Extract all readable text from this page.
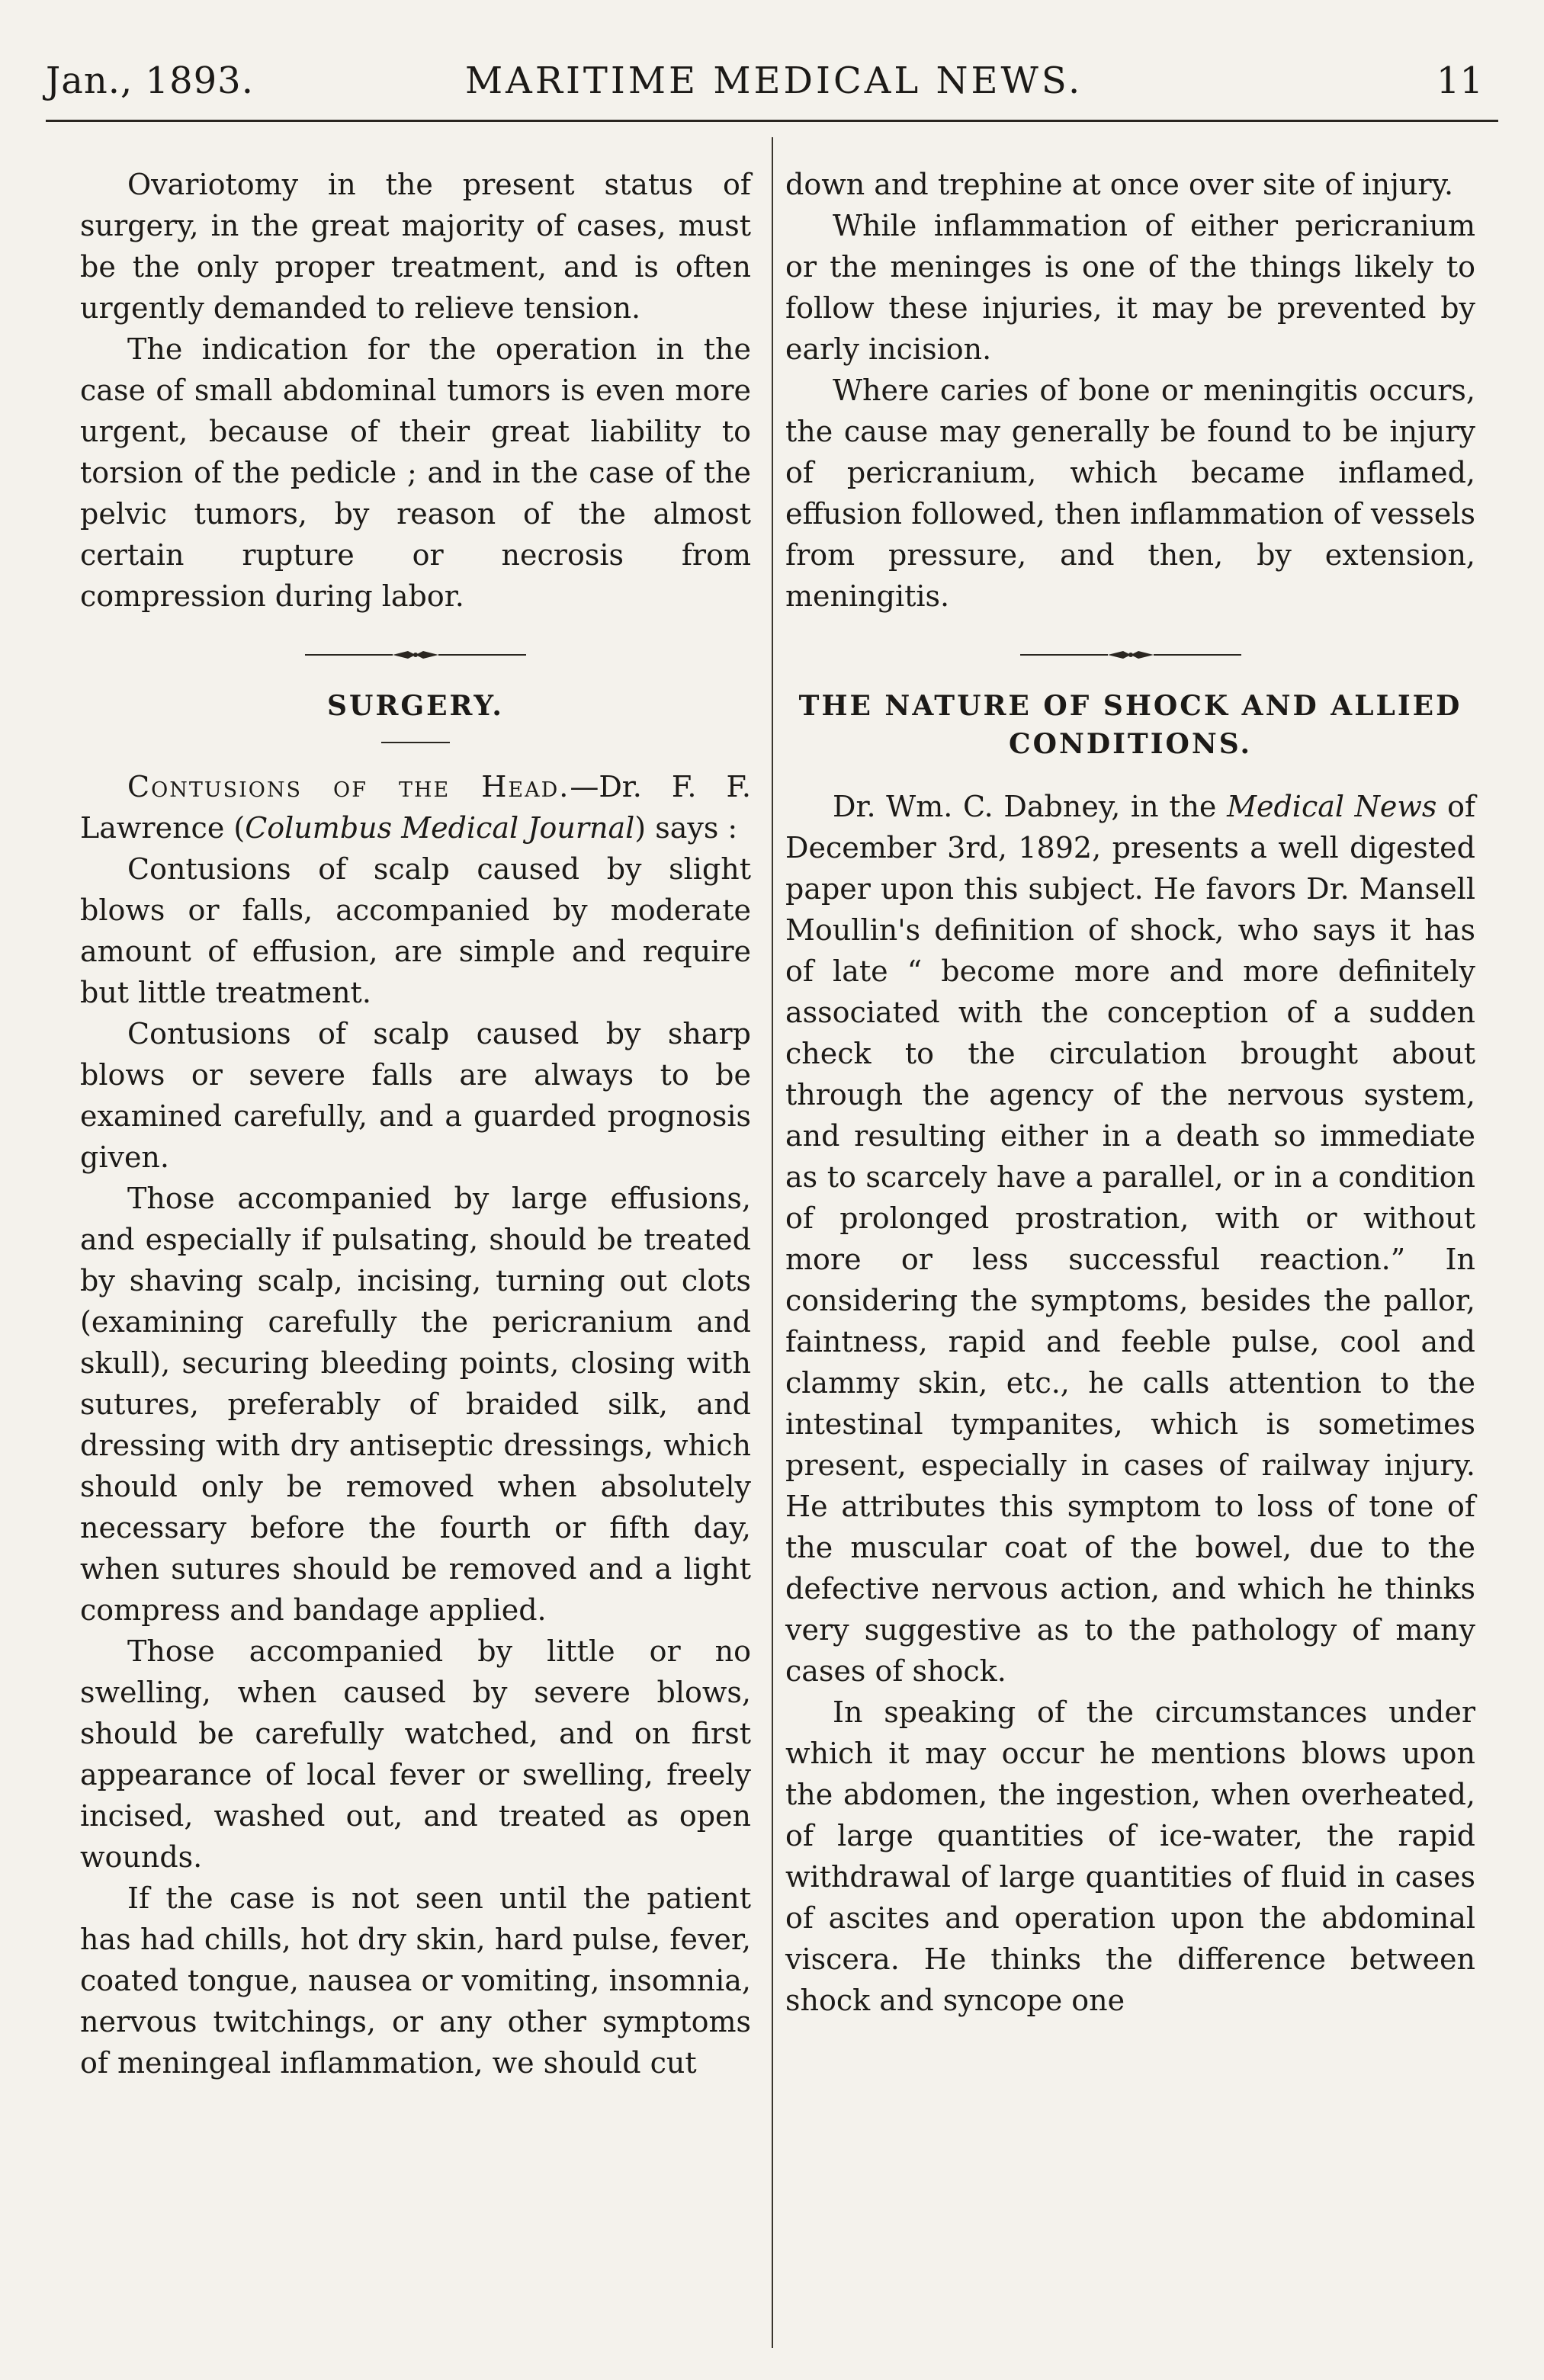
Jan., 1893.	MARITIME MEDICAL NEWS.	11

Ovariotomy in the present status of surgery, in the great majority of cases, must be the only proper treatment, and is often urgently demanded to relieve tension.

The indication for the operation in the case of small abdominal tumors is even more urgent, because of their great liability to torsion of the pedicle ; and in the case of the pelvic tumors, by reason of the almost certain rupture or necrosis from compression during labor.

SURGERY.

Contusions of the Head.—Dr. F. F. Lawrence (Columbus Medical Journal) says :

Contusions of scalp caused by slight blows or falls, accompanied by moderate amount of effusion, are simple and require but little treatment.

Contusions of scalp caused by sharp blows or severe falls are always to be examined carefully, and a guarded prognosis given.

Those accompanied by large effusions, and especially if pulsating, should be treated by shaving scalp, incising, turning out clots (examining carefully the pericranium and skull), securing bleeding points, closing with sutures, preferably of braided silk, and dressing with dry antiseptic dressings, which should only be removed when absolutely necessary before the fourth or fifth day, when sutures should be removed and a light compress and bandage applied.

Those accompanied by little or no swelling, when caused by severe blows, should be carefully watched, and on first appearance of local fever or swelling, freely incised, washed out, and treated as open wounds.

If the case is not seen until the patient has had chills, hot dry skin, hard pulse, fever, coated tongue, nausea or vomiting, insomnia, nervous twitchings, or any other symptoms of meningeal inflammation, we should cut

down and trephine at once over site of injury.

While inflammation of either pericranium or the meninges is one of the things likely to follow these injuries, it may be prevented by early incision.

Where caries of bone or meningitis occurs, the cause may generally be found to be injury of pericranium, which became inflamed, effusion followed, then inflammation of vessels from pressure, and then, by extension, meningitis.

THE NATURE OF SHOCK AND ALLIED CONDITIONS.

Dr. Wm. C. Dabney, in the Medical News of December 3rd, 1892, presents a well digested paper upon this subject. He favors Dr. Mansell Moullin's definition of shock, who says it has of late “ become more and more definitely associated with the conception of a sudden check to the circulation brought about through the agency of the nervous system, and resulting either in a death so immediate as to scarcely have a parallel, or in a condition of prolonged prostration, with or without more or less successful reaction.” In considering the symptoms, besides the pallor, faintness, rapid and feeble pulse, cool and clammy skin, etc., he calls attention to the intestinal tympanites, which is sometimes present, especially in cases of railway injury. He attributes this symptom to loss of tone of the muscular coat of the bowel, due to the defective nervous action, and which he thinks very suggestive as to the pathology of many cases of shock.

In speaking of the circumstances under which it may occur he mentions blows upon the abdomen, the ingestion, when overheated, of large quantities of ice-water, the rapid withdrawal of large quantities of fluid in cases of ascites and operation upon the abdominal viscera. He thinks the difference between shock and syncope one
